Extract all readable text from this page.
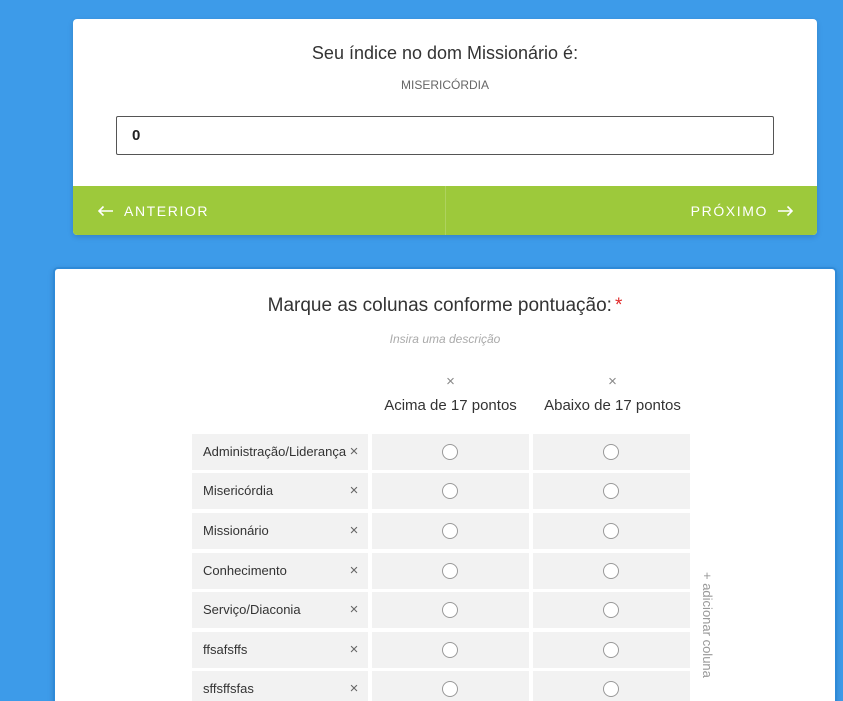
Seu índice no dom Missionário é:
MISERICÓRDIA
0
ANTERIOR	PRÓXIMO
Marque as colunas conforme pontuação: *
Insira uma descrição
×
Acima de 17 pontos
×
Abaixo de 17 pontos
Administração/Liderança ×
Misericórdia	×
Missionário	×
Conhecimento	×
Serviço/Diaconia	×
ffsafsffs	×
sffsffsfas	×
+ adicionar coluna
